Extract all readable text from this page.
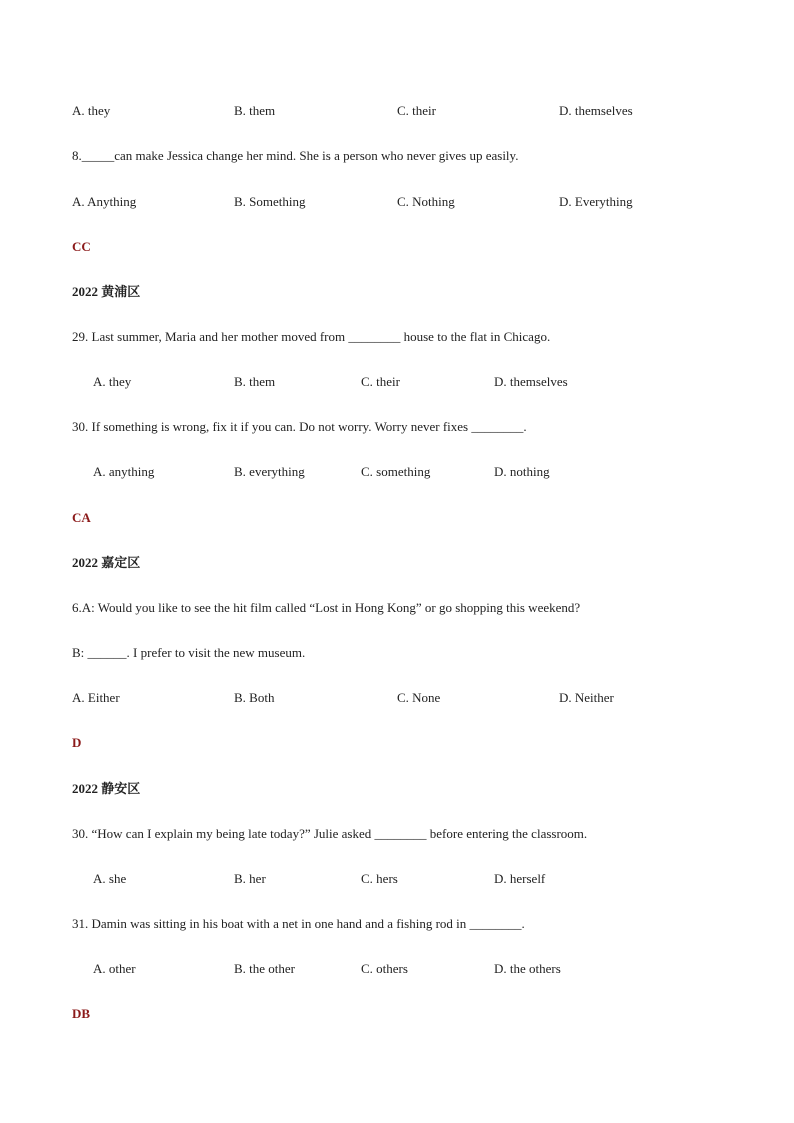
A. they	B. them	C. their	D. themselves
8._____can make Jessica change her mind. She is a person who never gives up easily.
A. Anything	B. Something	C. Nothing	D. Everything
CC
2022 黄浦区
29. Last summer, Maria and her mother moved from ________ house to the flat in Chicago.
A. they	B. them	C. their	D. themselves
30. If something is wrong, fix it if you can. Do not worry. Worry never fixes ________.
A. anything	B. everything	C. something	D. nothing
CA
2022 嘉定区
6.A: Would you like to see the hit film called “Lost in Hong Kong” or go shopping this weekend?
B: ______. I prefer to visit the new museum.
A. Either	B. Both	C. None	D. Neither
D
2022 静安区
30. “How can I explain my being late today?” Julie asked ________ before entering the classroom.
A. she	B. her	C. hers	D. herself
31. Damin was sitting in his boat with a net in one hand and a fishing rod in ________.
A. other	B. the other	C. others	D. the others
DB
